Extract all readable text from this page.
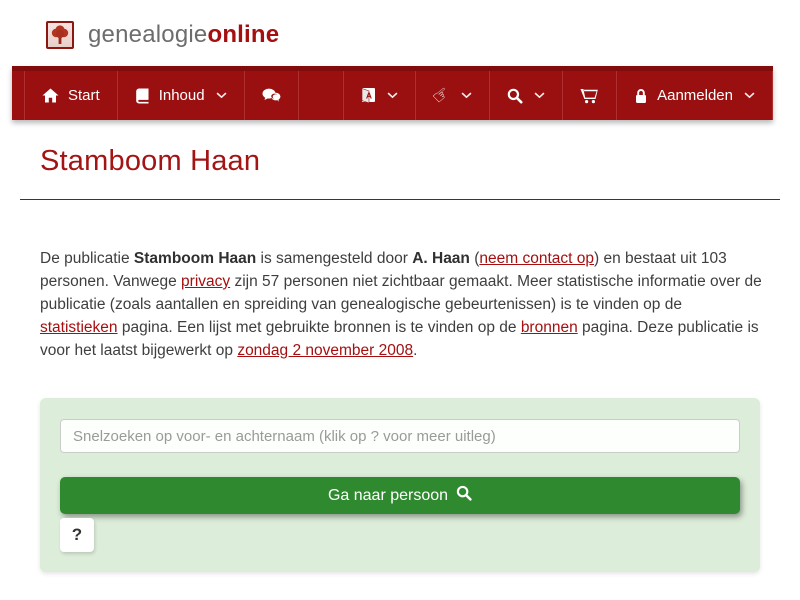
genealogieonline
Start	Inhoud	A	☞	Aanmelden
Stamboom Haan

De publicatie Stamboom Haan is samengesteld door A. Haan (neem contact op) en bestaat uit 103 personen. Vanwege privacy zijn 57 personen niet zichtbaar gemaakt. Meer statistische informatie over de publicatie (zoals aantallen en spreiding van genealogische gebeurtenissen) is te vinden op de statistieken pagina. Een lijst met gebruikte bronnen is te vinden op de bronnen pagina. Deze publicatie is voor het laatst bijgewerkt op zondag 2 november 2008.

Snelzoeken op voor- en achternaam (klik op ? voor meer uitleg)
Ga naar persoon
?
